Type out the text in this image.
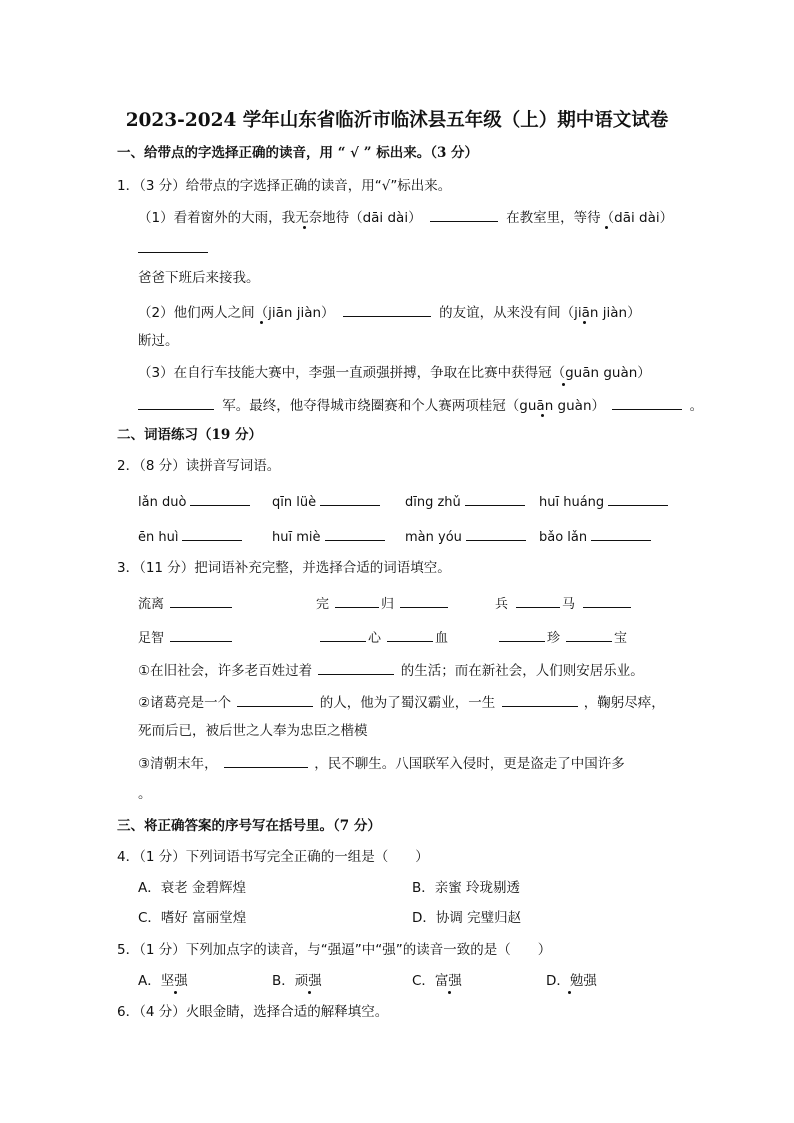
2023-2024 学年山东省临沂市临沭县五年级（上）期中语文试卷
一、给带点的字选择正确的读音，用 “ √ ” 标出来。（3 分）
1．（3 分）给带点的字选择正确的读音，用“√”标出来。
（1）看着窗外的大雨，我无奈地待（dāi dài）	在教室里，等待（dāi dài）
爸爸下班后来接我。
（2）他们两人之间（jiān jiàn）	的友谊，从来没有间（jiān jiàn）
断过。
（3）在自行车技能大赛中，李强一直顽强拼搏，争取在比赛中获得冠（guān guàn）
军。最终，他夺得城市绕圈赛和个人赛两项桂冠（guān guàn）	。
二、词语练习（19 分）
2．（8 分）读拼音写词语。
lǎn duò	qīn lüè	dīng zhǔ	huī huáng
ēn huì	huī miè	màn yóu	bǎo lǎn
3．（11 分）把词语补充完整，并选择合适的词语填空。
流离	完	归	兵	马
足智	心	血	珍	宝
①在旧社会，许多老百姓过着	的生活；而在新社会，人们则安居乐业。
②诸葛亮是一个	的人，他为了蜀汉霸业，一生	，鞠躬尽瘁，
死而后已，被后世之人奉为忠臣之楷模
③清朝末年，	，民不聊生。八国联军入侵时，更是盗走了中国许多
。
三、将正确答案的序号写在括号里。（7 分）
4．（1 分）下列词语书写完全正确的一组是（　　）
A．衰老 金碧辉煌	B．亲蜜 玲珑剔透
C．嗜好 富丽堂煌	D．协调 完璧归赵
5．（1 分）下列加点字的读音，与“强逼”中“强”的读音一致的是（　　）
A．坚强	B．顽强	C．富强	D．勉强
6．（4 分）火眼金睛，选择合适的解释填空。
